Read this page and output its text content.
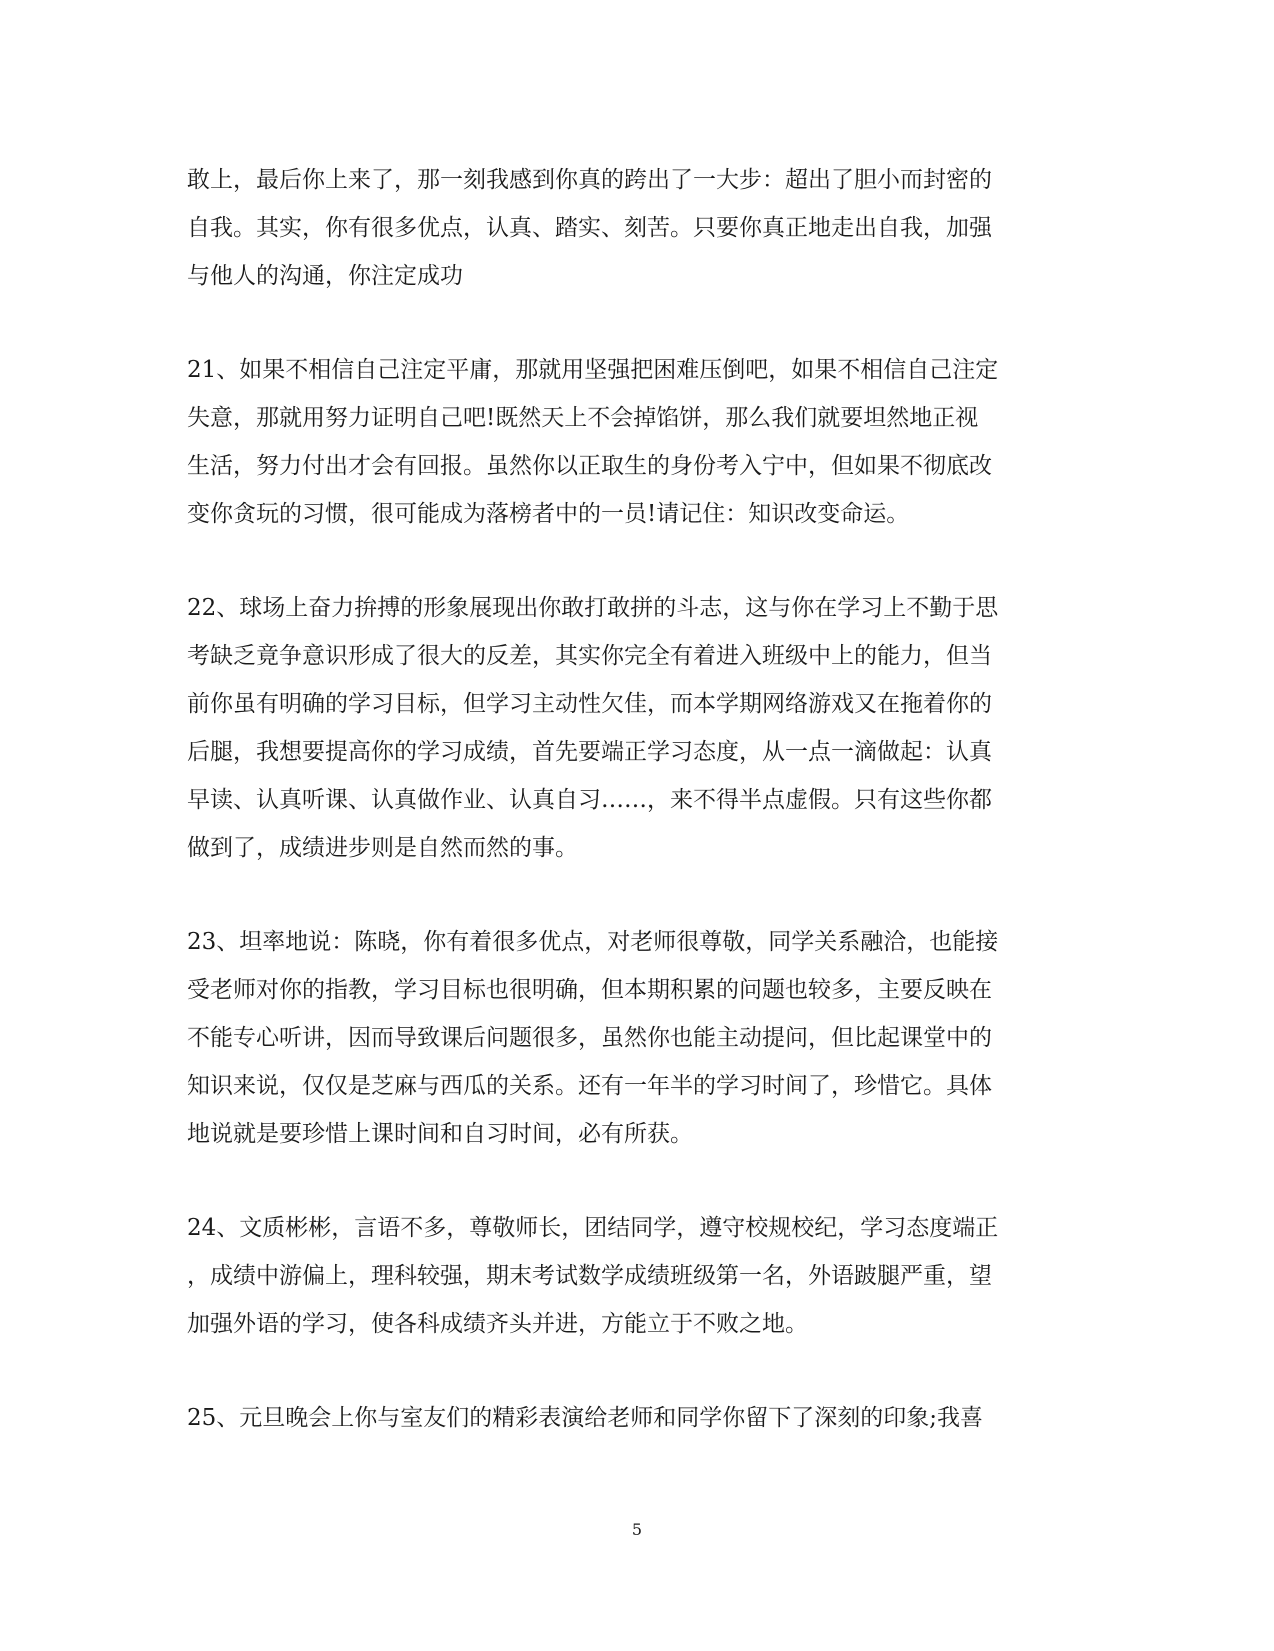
敢上，最后你上来了，那一刻我感到你真的跨出了一大步：超出了胆小而封密的
自我。其实，你有很多优点，认真、踏实、刻苦。只要你真正地走出自我，加强
与他人的沟通，你注定成功

21、如果不相信自己注定平庸，那就用坚强把困难压倒吧，如果不相信自己注定
失意，那就用努力证明自己吧!既然天上不会掉馅饼，那么我们就要坦然地正视
生活，努力付出才会有回报。虽然你以正取生的身份考入宁中，但如果不彻底改
变你贪玩的习惯，很可能成为落榜者中的一员!请记住：知识改变命运。

22、球场上奋力拚搏的形象展现出你敢打敢拼的斗志，这与你在学习上不勤于思
考缺乏竟争意识形成了很大的反差，其实你完全有着进入班级中上的能力，但当
前你虽有明确的学习目标，但学习主动性欠佳，而本学期网络游戏又在拖着你的
后腿，我想要提高你的学习成绩，首先要端正学习态度，从一点一滴做起：认真
早读、认真听课、认真做作业、认真自习……，来不得半点虚假。只有这些你都
做到了，成绩进步则是自然而然的事。

23、坦率地说：陈晓，你有着很多优点，对老师很尊敬，同学关系融洽，也能接
受老师对你的指教，学习目标也很明确，但本期积累的问题也较多，主要反映在
不能专心听讲，因而导致课后问题很多，虽然你也能主动提问，但比起课堂中的
知识来说，仅仅是芝麻与西瓜的关系。还有一年半的学习时间了，珍惜它。具体
地说就是要珍惜上课时间和自习时间，必有所获。

24、文质彬彬，言语不多，尊敬师长，团结同学，遵守校规校纪，学习态度端正
，成绩中游偏上，理科较强，期末考试数学成绩班级第一名，外语跛腿严重，望
加强外语的学习，使各科成绩齐头并进，方能立于不败之地。

25、元旦晚会上你与室友们的精彩表演给老师和同学你留下了深刻的印象;我喜

5
